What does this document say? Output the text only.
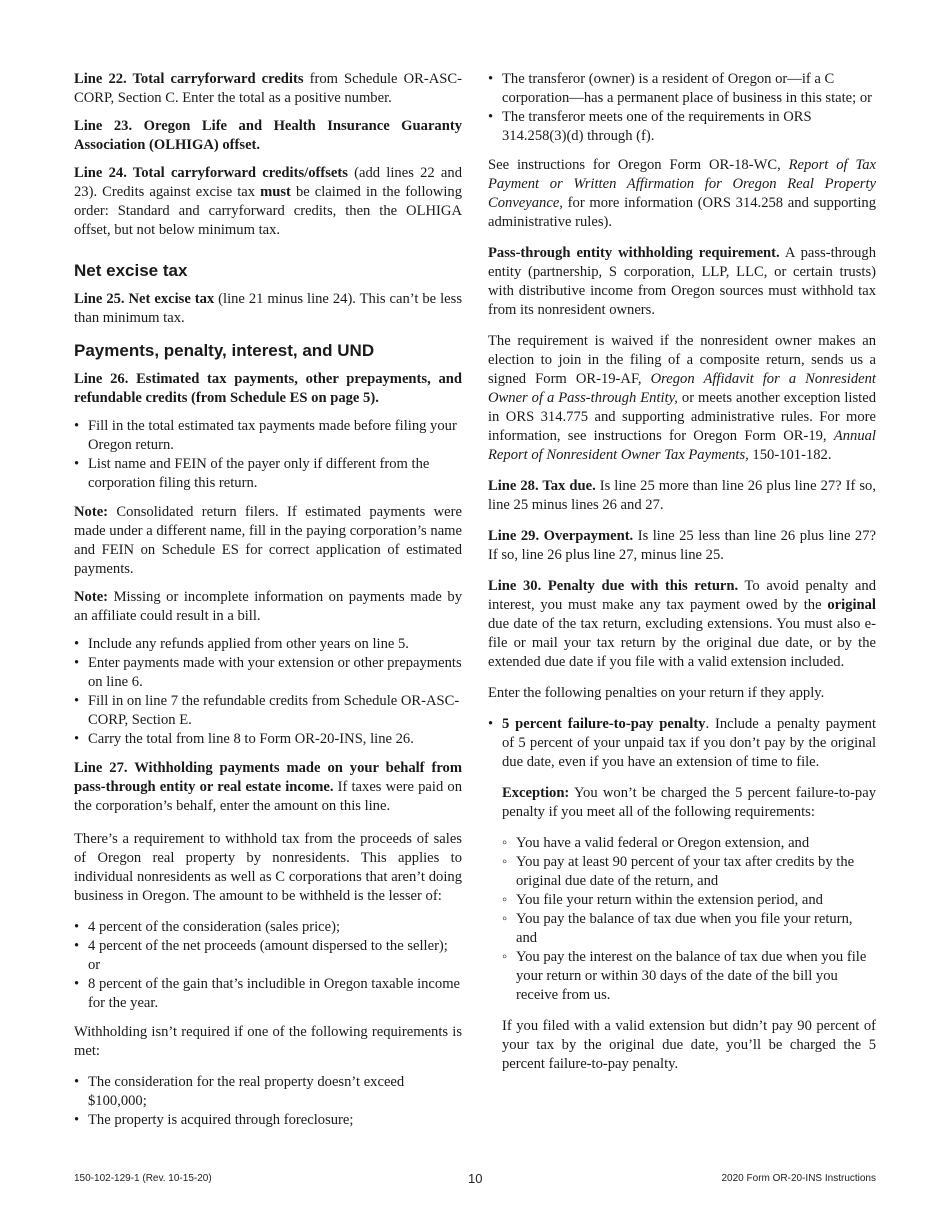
Line 22. Total carryforward credits from Schedule OR-ASC-CORP, Section C. Enter the total as a positive number.

Line 23. Oregon Life and Health Insurance Guaranty Association (OLHIGA) offset.

Line 24. Total carryforward credits/offsets (add lines 22 and 23). Credits against excise tax must be claimed in the following order: Standard and carryforward credits, then the OLHIGA offset, but not below minimum tax.

Net excise tax

Line 25. Net excise tax (line 21 minus line 24). This can’t be less than minimum tax.

Payments, penalty, interest, and UND

Line 26. Estimated tax payments, other prepayments, and refundable credits (from Schedule ES on page 5).

• Fill in the total estimated tax payments made before filing your Oregon return.
• List name and FEIN of the payer only if different from the corporation filing this return.

Note: Consolidated return filers. If estimated payments were made under a different name, fill in the paying corporation’s name and FEIN on Schedule ES for correct application of estimated payments.

Note: Missing or incomplete information on payments made by an affiliate could result in a bill.

• Include any refunds applied from other years on line 5.
• Enter payments made with your extension or other prepayments on line 6.
• Fill in on line 7 the refundable credits from Schedule OR-ASC-CORP, Section E.
• Carry the total from line 8 to Form OR-20-INS, line 26.

Line 27. Withholding payments made on your behalf from pass-through entity or real estate income. If taxes were paid on the corporation’s behalf, enter the amount on this line.

There’s a requirement to withhold tax from the proceeds of sales of Oregon real property by nonresidents. This applies to individual nonresidents as well as C corporations that aren’t doing business in Oregon. The amount to be withheld is the lesser of:

• 4 percent of the consideration (sales price);
• 4 percent of the net proceeds (amount dispersed to the seller); or
• 8 percent of the gain that’s includible in Oregon taxable income for the year.

Withholding isn’t required if one of the following requirements is met:

• The consideration for the real property doesn’t exceed $100,000;
• The property is acquired through foreclosure;
• The transferor (owner) is a resident of Oregon or—if a C corporation—has a permanent place of business in this state; or
• The transferor meets one of the requirements in ORS 314.258(3)(d) through (f).

See instructions for Oregon Form OR-18-WC, Report of Tax Payment or Written Affirmation for Oregon Real Property Conveyance, for more information (ORS 314.258 and supporting administrative rules).

Pass-through entity withholding requirement. A pass-through entity (partnership, S corporation, LLP, LLC, or certain trusts) with distributive income from Oregon sources must withhold tax from its nonresident owners.

The requirement is waived if the nonresident owner makes an election to join in the filing of a composite return, sends us a signed Form OR-19-AF, Oregon Affidavit for a Nonresident Owner of a Pass-through Entity, or meets another exception listed in ORS 314.775 and supporting administrative rules. For more information, see instructions for Oregon Form OR-19, Annual Report of Nonresident Owner Tax Payments, 150-101-182.

Line 28. Tax due. Is line 25 more than line 26 plus line 27? If so, line 25 minus lines 26 and 27.

Line 29. Overpayment. Is line 25 less than line 26 plus line 27? If so, line 26 plus line 27, minus line 25.

Line 30. Penalty due with this return. To avoid penalty and interest, you must make any tax payment owed by the original due date of the tax return, excluding extensions. You must also e-file or mail your tax return by the original due date, or by the extended due date if you file with a valid extension included.

Enter the following penalties on your return if they apply.

• 5 percent failure-to-pay penalty. Include a penalty payment of 5 percent of your unpaid tax if you don’t pay by the original due date, even if you have an extension of time to file.

Exception: You won’t be charged the 5 percent failure-to-pay penalty if you meet all of the following requirements:

◦ You have a valid federal or Oregon extension, and
◦ You pay at least 90 percent of your tax after credits by the original due date of the return, and
◦ You file your return within the extension period, and
◦ You pay the balance of tax due when you file your return, and
◦ You pay the interest on the balance of tax due when you file your return or within 30 days of the date of the bill you receive from us.

If you filed with a valid extension but didn’t pay 90 percent of your tax by the original due date, you’ll be charged the 5 percent failure-to-pay penalty.

150-102-129-1 (Rev. 10-15-20)	10	2020 Form OR-20-INS Instructions
